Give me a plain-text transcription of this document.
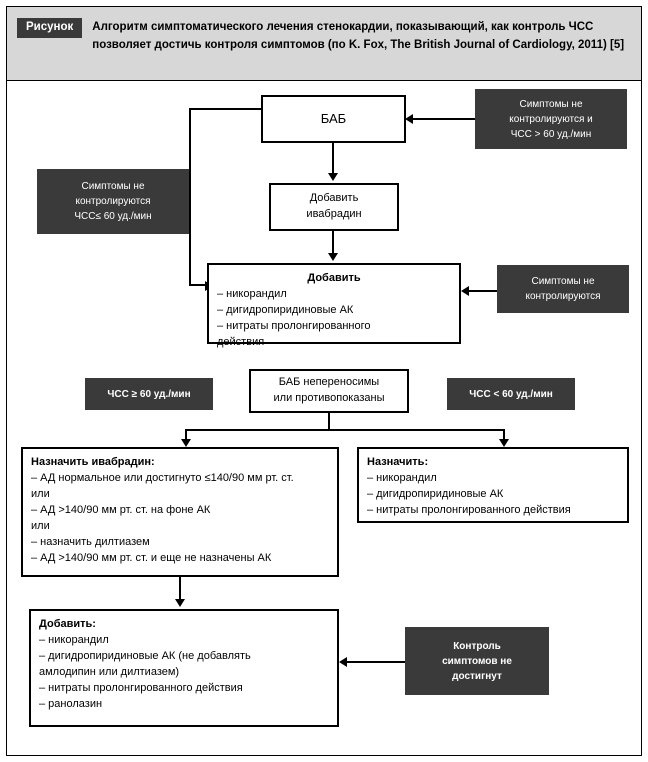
Рисунок	Алгоритм симптоматического лечения стенокардии, показывающий, как контроль ЧСС позволяет достичь контроля симптомов (по K. Fox, The British Journal of Cardiology, 2011) [5]
БАБ
Симптомы не
контролируются и
ЧСС > 60 уд./мин
Добавить
ивабрадин
Симптомы не
контролируются
ЧСС≤ 60 уд./мин
Добавить
– никорандил
– дигидропиридиновые АК
– нитраты пролонгированного
действия
Симптомы не
контролируются
БАБ непереносимы
или противопоказаны
ЧСС ≥ 60 уд./мин	ЧСС < 60 уд./мин
Назначить ивабрадин:
– АД нормальное или достигнуто ≤140/90 мм рт. ст.
или
– АД >140/90 мм рт. ст. на фоне АК
или
– назначить дилтиазем
– АД >140/90 мм рт. ст. и еще не назначены АК
Назначить:
– никорандил
– дигидропиридиновые АК
– нитраты пролонгированного действия
Добавить:
– никорандил
– дигидропиридиновые АК (не добавлять
амлодипин или дилтиазем)
– нитраты пролонгированного действия
– ранолазин
Контроль
симптомов не
достигнут
